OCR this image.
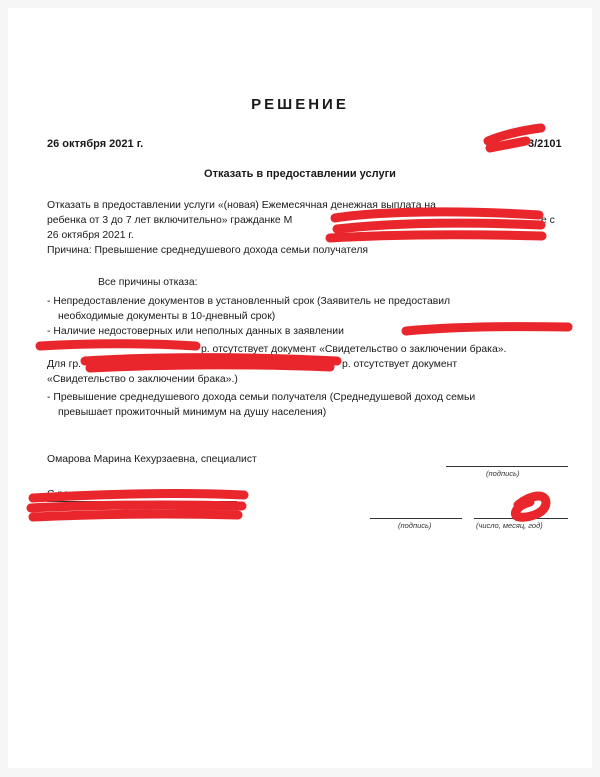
РЕШЕНИЕ
26 октября 2021 г.	3/2101
Отказать в предоставлении услуги
Отказать в предоставлении услуги «(новая) Ежемесячная денежная выплата на
ребенка от 3 до 7 лет включительно» гражданке М	е с
26 октября 2021 г.
Причина: Превышение среднедушевого дохода семьи получателя
Все причины отказа:
- Непредоставление документов в установленный срок (Заявитель не предоставил
необходимые документы в 10-дневный срок)
- Наличие недостоверных или неполных данных в заявлении
р. отсутствует документ «Свидетельство о заключении брака».
Для гр.	р. отсутствует документ
«Свидетельство о заключении брака».)
- Превышение среднедушевого дохода семьи получателя (Среднедушевой доход семьи
превышает прожиточный минимум на душу населения)
Омарова Марина Кехурзаевна, специалист
(подпись)
С решением ознакомлена:
(подпись)	(число, месяц, год)
